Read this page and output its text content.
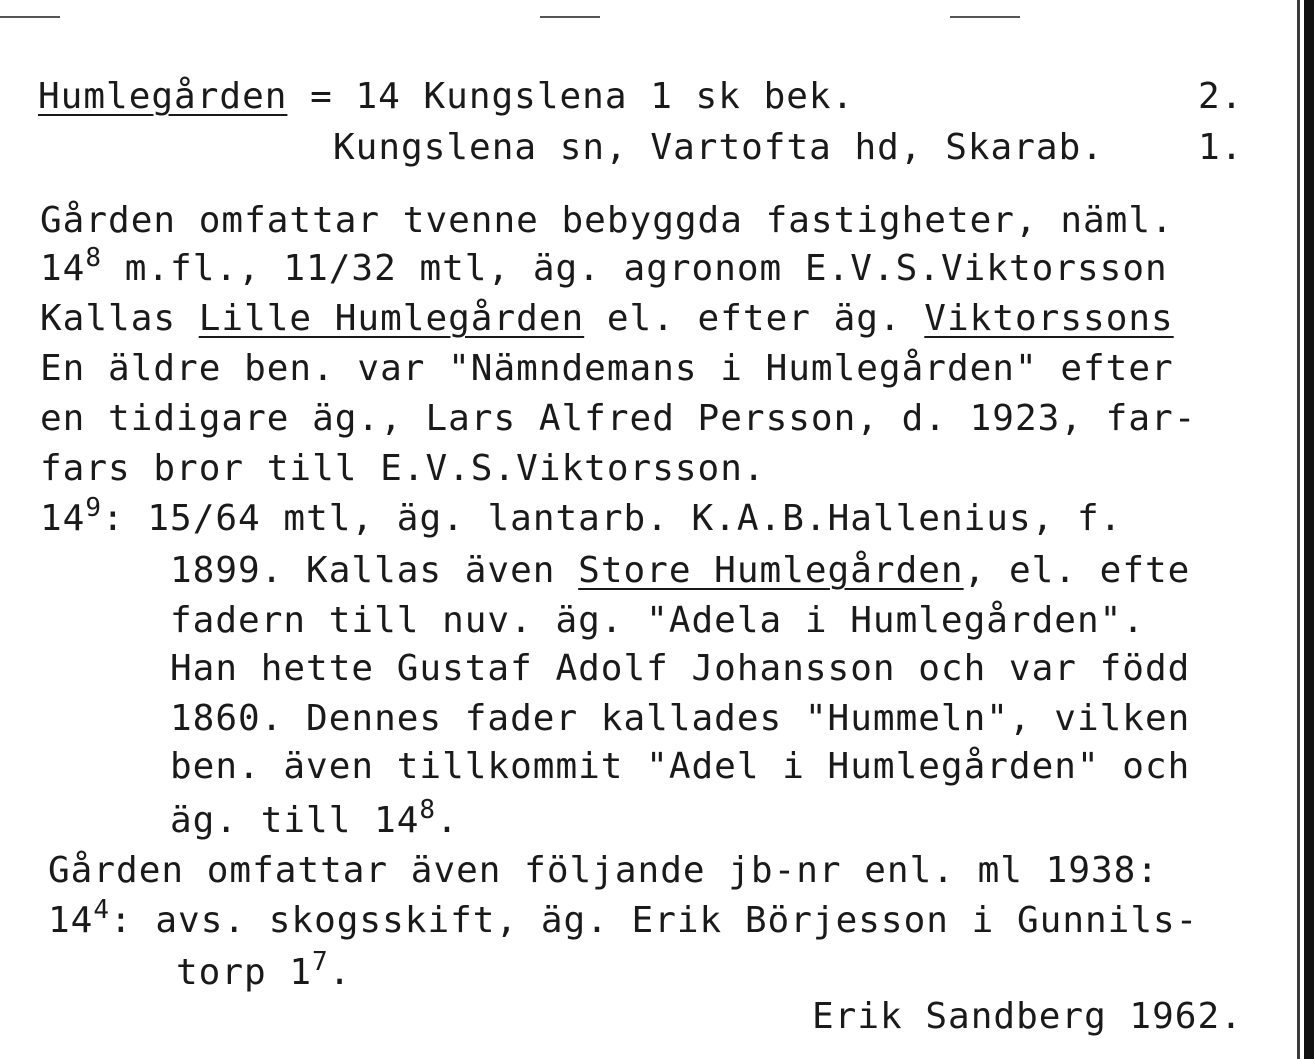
Humlegården = 14 Kungslena 1 sk bek.	2.
Kungslena sn, Vartofta hd, Skarab.	1.
Gården omfattar tvenne bebyggda fastigheter, näml.
$14^8$ m.fl., 11/32 mtl, äg. agronom E.V.S.Viktorsson
Kallas Lille Humlegården el. efter äg. Viktorssons
En äldre ben. var "Nämndemans i Humlegården" efter
en tidigare äg., Lars Alfred Persson, d. 1923, far-
fars bror till E.V.S.Viktorsson.
$14^9$: 15/64 mtl, äg. lantarb. K.A.B.Hallenius, f.
1899. Kallas även Store Humlegården, el. efte
fadern till nuv. äg. "Adela i Humlegården".
Han hette Gustaf Adolf Johansson och var född
1860. Dennes fader kallades "Hummeln", vilken
ben. även tillkommit "Adel i Humlegården" och
äg. till $14^8$.
Gården omfattar även följande jb-nr enl. ml 1938:
$14^4$: avs. skogsskift, äg. Erik Börjesson i Gunnils-
torp $1^7$.
Erik Sandberg 1962.
